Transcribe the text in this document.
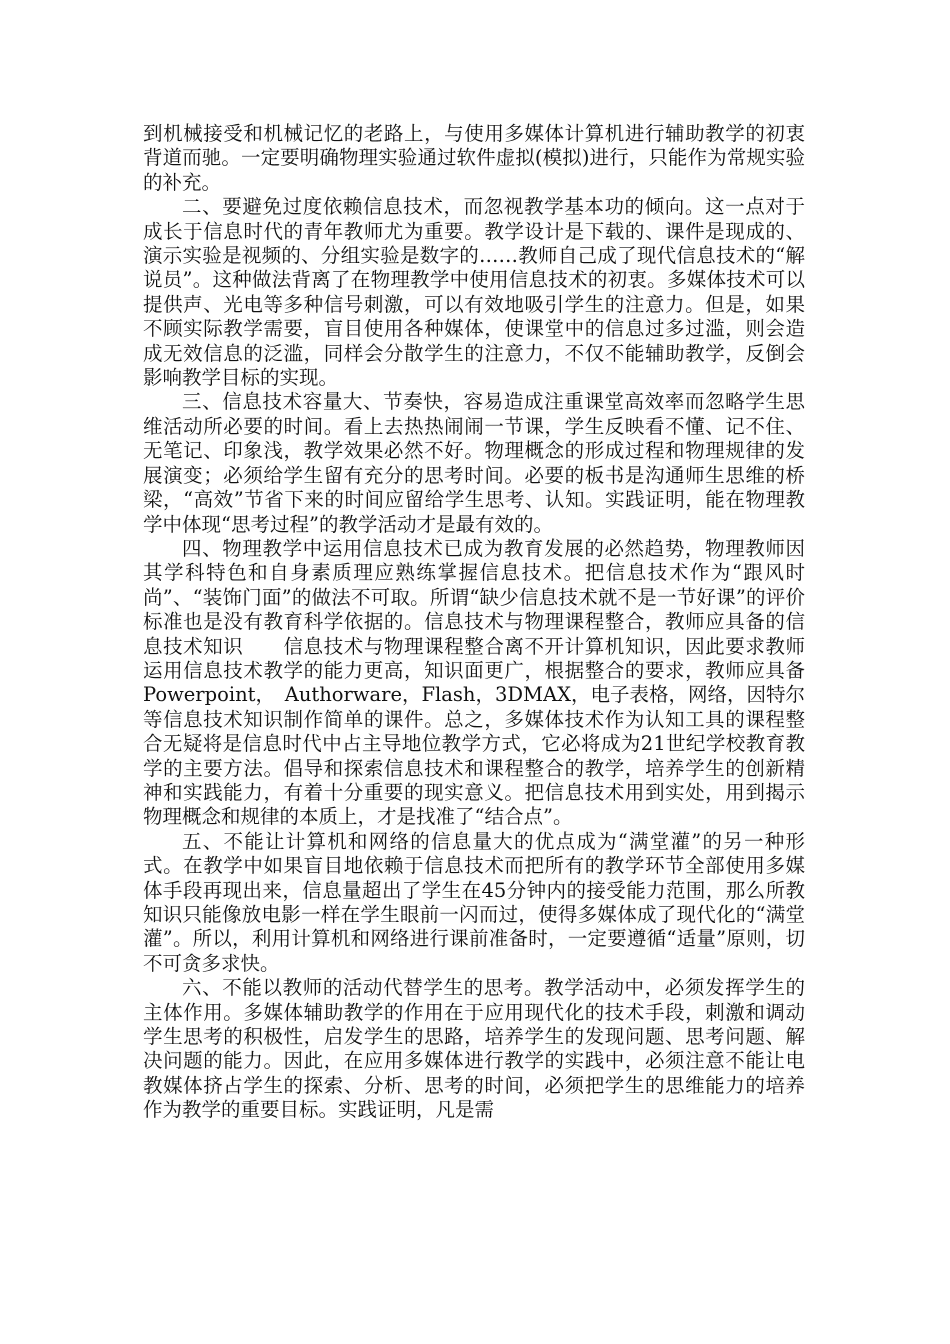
到机械接受和机械记忆的老路上，与使用多媒体计算机进行辅助教学的初衷背道而驰。一定要明确物理实验通过软件虚拟(模拟)进行，只能作为常规实验的补充。

二、要避免过度依赖信息技术，而忽视教学基本功的倾向。这一点对于成长于信息时代的青年教师尤为重要。教学设计是下载的、课件是现成的、演示实验是视频的、分组实验是数字的……教师自己成了现代信息技术的“解说员”。这种做法背离了在物理教学中使用信息技术的初衷。多媒体技术可以提供声、光电等多种信号刺激，可以有效地吸引学生的注意力。但是，如果不顾实际教学需要，盲目使用各种媒体，使课堂中的信息过多过滥，则会造成无效信息的泛滥，同样会分散学生的注意力，不仅不能辅助教学，反倒会影响教学目标的实现。

三、信息技术容量大、节奏快，容易造成注重课堂高效率而忽略学生思维活动所必要的时间。看上去热热闹闹一节课，学生反映看不懂、记不住、无笔记、印象浅，教学效果必然不好。物理概念的形成过程和物理规律的发展演变；必须给学生留有充分的思考时间。必要的板书是沟通师生思维的桥梁，“高效”节省下来的时间应留给学生思考、认知。实践证明，能在物理教学中体现“思考过程”的教学活动才是最有效的。

四、物理教学中运用信息技术已成为教育发展的必然趋势，物理教师因其学科特色和自身素质理应熟练掌握信息技术。把信息技术作为“跟风时尚”、“装饰门面”的做法不可取。所谓“缺少信息技术就不是一节好课”的评价标准也是没有教育科学依据的。信息技术与物理课程整合，教师应具备的信息技术知识　　信息技术与物理课程整合离不开计算机知识，因此要求教师运用信息技术教学的能力更高，知识面更广，根据整合的要求，教师应具备Powerpoint，　Authorware，Flash，3DMAX，电子表格，网络，因特尔等信息技术知识制作简单的课件。总之，多媒体技术作为认知工具的课程整合无疑将是信息时代中占主导地位教学方式，它必将成为21世纪学校教育教学的主要方法。倡导和探索信息技术和课程整合的教学，培养学生的创新精神和实践能力，有着十分重要的现实意义。把信息技术用到实处，用到揭示物理概念和规律的本质上，才是找准了“结合点”。

五、不能让计算机和网络的信息量大的优点成为“满堂灌”的另一种形式。在教学中如果盲目地依赖于信息技术而把所有的教学环节全部使用多媒体手段再现出来，信息量超出了学生在45分钟内的接受能力范围，那么所教知识只能像放电影一样在学生眼前一闪而过，使得多媒体成了现代化的“满堂灌”。所以，利用计算机和网络进行课前准备时，一定要遵循“适量”原则，切不可贪多求快。

六、不能以教师的活动代替学生的思考。教学活动中，必须发挥学生的主体作用。多媒体辅助教学的作用在于应用现代化的技术手段，刺激和调动学生思考的积极性，启发学生的思路，培养学生的发现问题、思考问题、解决问题的能力。因此，在应用多媒体进行教学的实践中，必须注意不能让电教媒体挤占学生的探索、分析、思考的时间，必须把学生的思维能力的培养作为教学的重要目标。实践证明，凡是需
